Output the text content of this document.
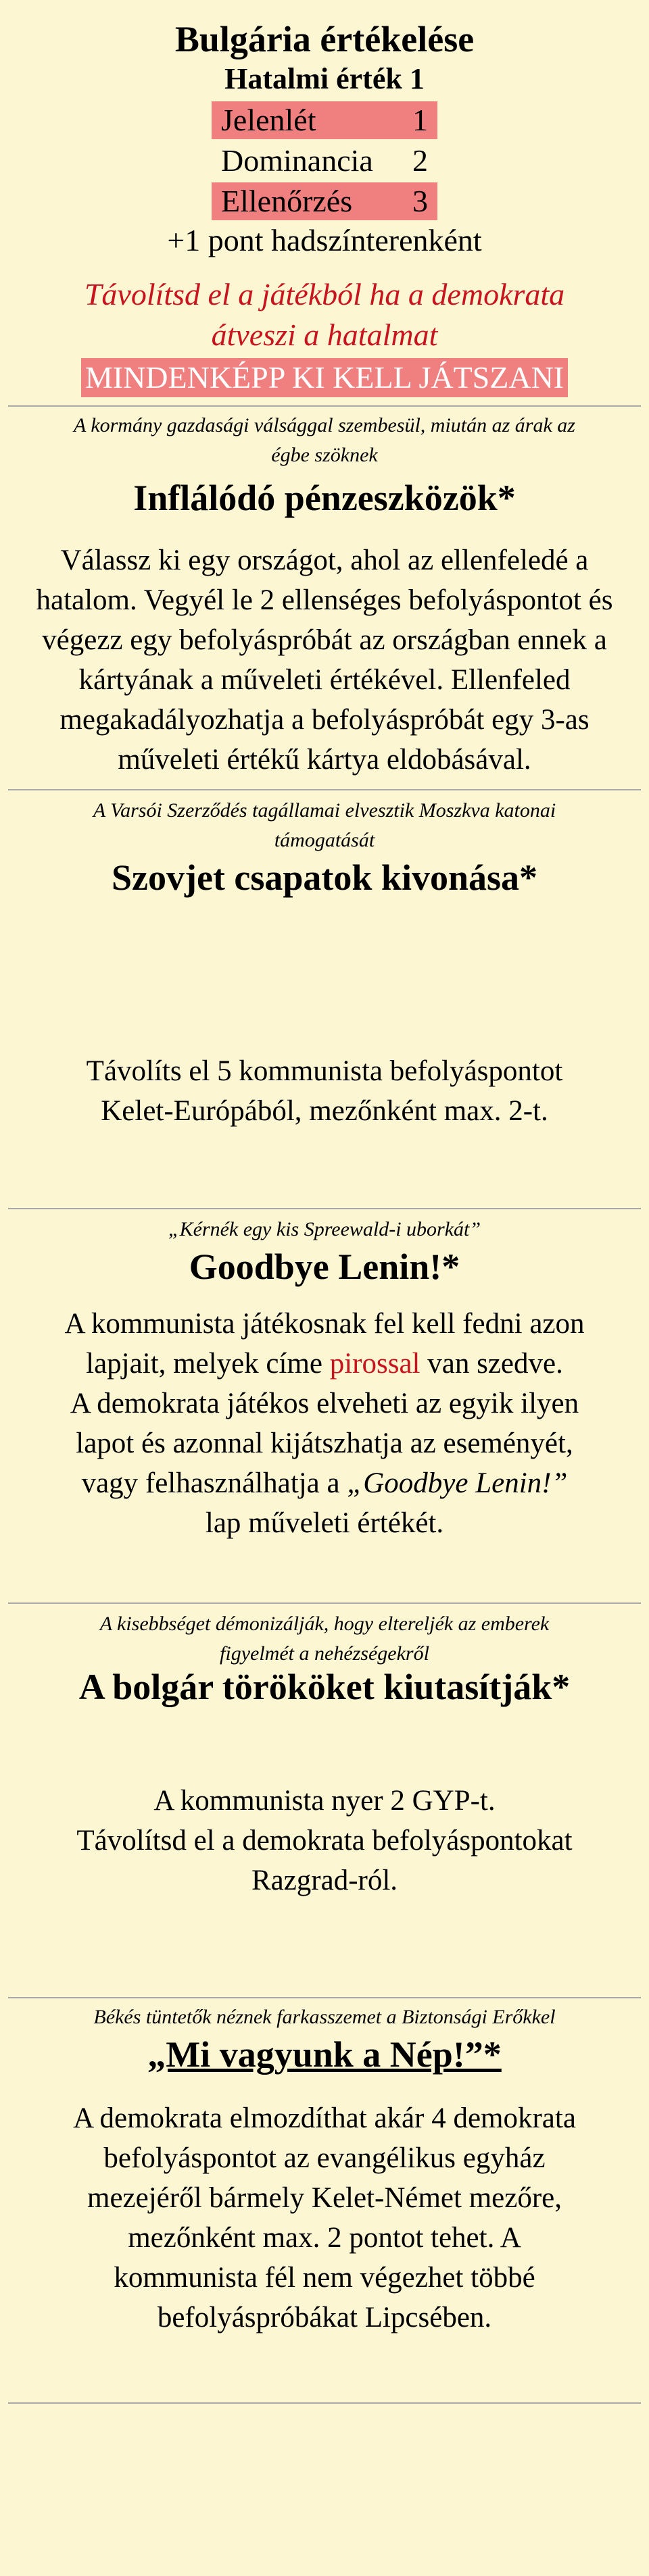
Bulgária értékelése
Hatalmi érték 1
Jelenlét	1
Dominancia 2
Ellenőrzés 3
+1 pont hadszínterenként
Távolítsd el a játékból ha a demokrata
átveszi a hatalmat
MINDENKÉPP KI KELL JÁTSZANI
A kormány gazdasági válsággal szembesül, miután az árak az
égbe szöknek
Inflálódó pénzeszközök*
Válassz ki egy országot, ahol az ellenfeledé a
hatalom. Vegyél le 2 ellenséges befolyáspontot és
végezz egy befolyáspróbát az országban ennek a
kártyának a műveleti értékével. Ellenfeled
megakadályozhatja a befolyáspróbát egy 3-as
műveleti értékű kártya eldobásával.
A Varsói Szerződés tagállamai elvesztik Moszkva katonai
támogatását
Szovjet csapatok kivonása*
Távolíts el 5 kommunista befolyáspontot
Kelet-Európából, mezőnként max. 2-t.
„Kérnék egy kis Spreewald-i uborkát”
Goodbye Lenin!*
A kommunista játékosnak fel kell fedni azon
lapjait, melyek címe pirossal van szedve.
A demokrata játékos elveheti az egyik ilyen
lapot és azonnal kijátszhatja az eseményét,
vagy felhasználhatja a „Goodbye Lenin!”
lap műveleti értékét.
A kisebbséget démonizálják, hogy eltereljék az emberek
figyelmét a nehézségekről
A bolgár törököket kiutasítják*
A kommunista nyer 2 GYP-t.
Távolítsd el a demokrata befolyáspontokat
Razgrad-ról.
Békés tüntetők néznek farkasszemet a Biztonsági Erőkkel
„Mi vagyunk a Nép!”*
A demokrata elmozdíthat akár 4 demokrata
befolyáspontot az evangélikus egyház
mezejéről bármely Kelet-Német mezőre,
mezőnként max. 2 pontot tehet. A
kommunista fél nem végezhet többé
befolyáspróbákat Lipcsében.
